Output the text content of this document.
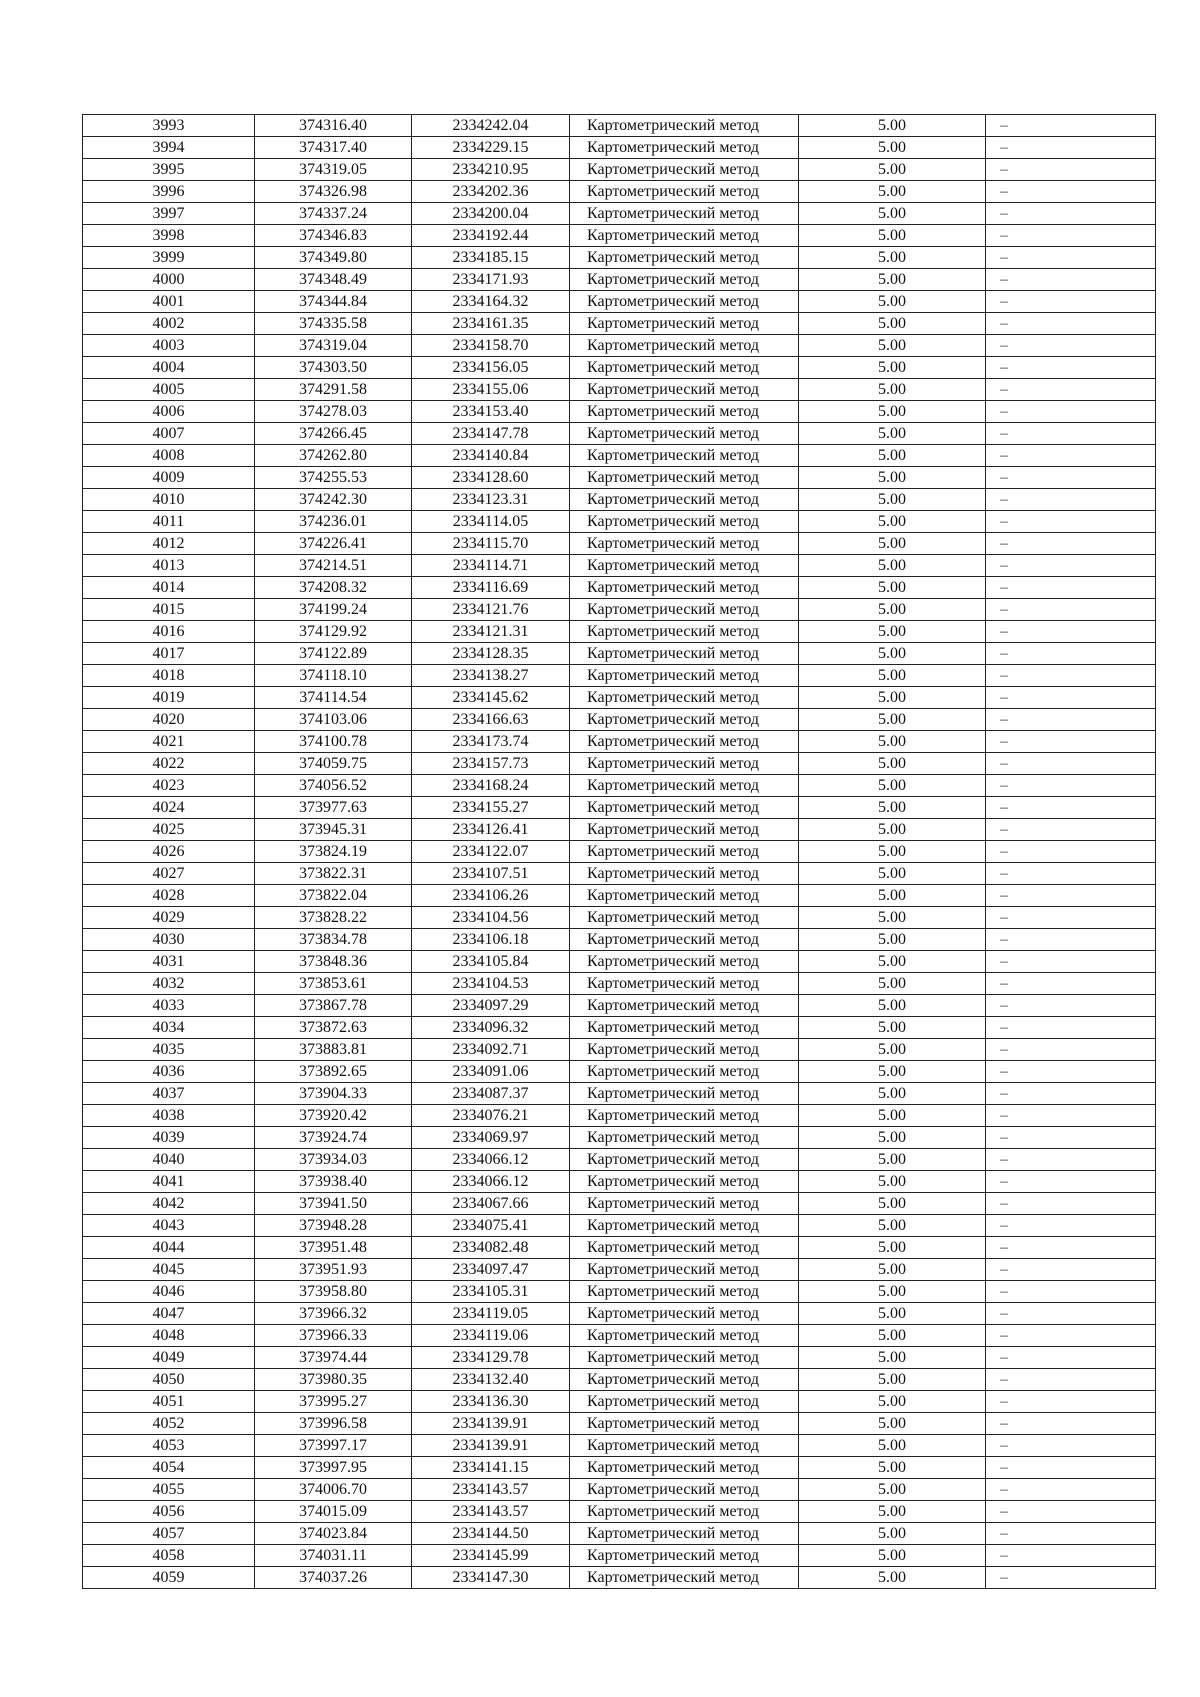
3993	374316.40	2334242.04	Картометрический метод	5.00	–
3994	374317.40	2334229.15	Картометрический метод	5.00	–
3995	374319.05	2334210.95	Картометрический метод	5.00	–
3996	374326.98	2334202.36	Картометрический метод	5.00	–
3997	374337.24	2334200.04	Картометрический метод	5.00	–
3998	374346.83	2334192.44	Картометрический метод	5.00	–
3999	374349.80	2334185.15	Картометрический метод	5.00	–
4000	374348.49	2334171.93	Картометрический метод	5.00	–
4001	374344.84	2334164.32	Картометрический метод	5.00	–
4002	374335.58	2334161.35	Картометрический метод	5.00	–
4003	374319.04	2334158.70	Картометрический метод	5.00	–
4004	374303.50	2334156.05	Картометрический метод	5.00	–
4005	374291.58	2334155.06	Картометрический метод	5.00	–
4006	374278.03	2334153.40	Картометрический метод	5.00	–
4007	374266.45	2334147.78	Картометрический метод	5.00	–
4008	374262.80	2334140.84	Картометрический метод	5.00	–
4009	374255.53	2334128.60	Картометрический метод	5.00	–
4010	374242.30	2334123.31	Картометрический метод	5.00	–
4011	374236.01	2334114.05	Картометрический метод	5.00	–
4012	374226.41	2334115.70	Картометрический метод	5.00	–
4013	374214.51	2334114.71	Картометрический метод	5.00	–
4014	374208.32	2334116.69	Картометрический метод	5.00	–
4015	374199.24	2334121.76	Картометрический метод	5.00	–
4016	374129.92	2334121.31	Картометрический метод	5.00	–
4017	374122.89	2334128.35	Картометрический метод	5.00	–
4018	374118.10	2334138.27	Картометрический метод	5.00	–
4019	374114.54	2334145.62	Картометрический метод	5.00	–
4020	374103.06	2334166.63	Картометрический метод	5.00	–
4021	374100.78	2334173.74	Картометрический метод	5.00	–
4022	374059.75	2334157.73	Картометрический метод	5.00	–
4023	374056.52	2334168.24	Картометрический метод	5.00	–
4024	373977.63	2334155.27	Картометрический метод	5.00	–
4025	373945.31	2334126.41	Картометрический метод	5.00	–
4026	373824.19	2334122.07	Картометрический метод	5.00	–
4027	373822.31	2334107.51	Картометрический метод	5.00	–
4028	373822.04	2334106.26	Картометрический метод	5.00	–
4029	373828.22	2334104.56	Картометрический метод	5.00	–
4030	373834.78	2334106.18	Картометрический метод	5.00	–
4031	373848.36	2334105.84	Картометрический метод	5.00	–
4032	373853.61	2334104.53	Картометрический метод	5.00	–
4033	373867.78	2334097.29	Картометрический метод	5.00	–
4034	373872.63	2334096.32	Картометрический метод	5.00	–
4035	373883.81	2334092.71	Картометрический метод	5.00	–
4036	373892.65	2334091.06	Картометрический метод	5.00	–
4037	373904.33	2334087.37	Картометрический метод	5.00	–
4038	373920.42	2334076.21	Картометрический метод	5.00	–
4039	373924.74	2334069.97	Картометрический метод	5.00	–
4040	373934.03	2334066.12	Картометрический метод	5.00	–
4041	373938.40	2334066.12	Картометрический метод	5.00	–
4042	373941.50	2334067.66	Картометрический метод	5.00	–
4043	373948.28	2334075.41	Картометрический метод	5.00	–
4044	373951.48	2334082.48	Картометрический метод	5.00	–
4045	373951.93	2334097.47	Картометрический метод	5.00	–
4046	373958.80	2334105.31	Картометрический метод	5.00	–
4047	373966.32	2334119.05	Картометрический метод	5.00	–
4048	373966.33	2334119.06	Картометрический метод	5.00	–
4049	373974.44	2334129.78	Картометрический метод	5.00	–
4050	373980.35	2334132.40	Картометрический метод	5.00	–
4051	373995.27	2334136.30	Картометрический метод	5.00	–
4052	373996.58	2334139.91	Картометрический метод	5.00	–
4053	373997.17	2334139.91	Картометрический метод	5.00	–
4054	373997.95	2334141.15	Картометрический метод	5.00	–
4055	374006.70	2334143.57	Картометрический метод	5.00	–
4056	374015.09	2334143.57	Картометрический метод	5.00	–
4057	374023.84	2334144.50	Картометрический метод	5.00	–
4058	374031.11	2334145.99	Картометрический метод	5.00	–
4059	374037.26	2334147.30	Картометрический метод	5.00	–
